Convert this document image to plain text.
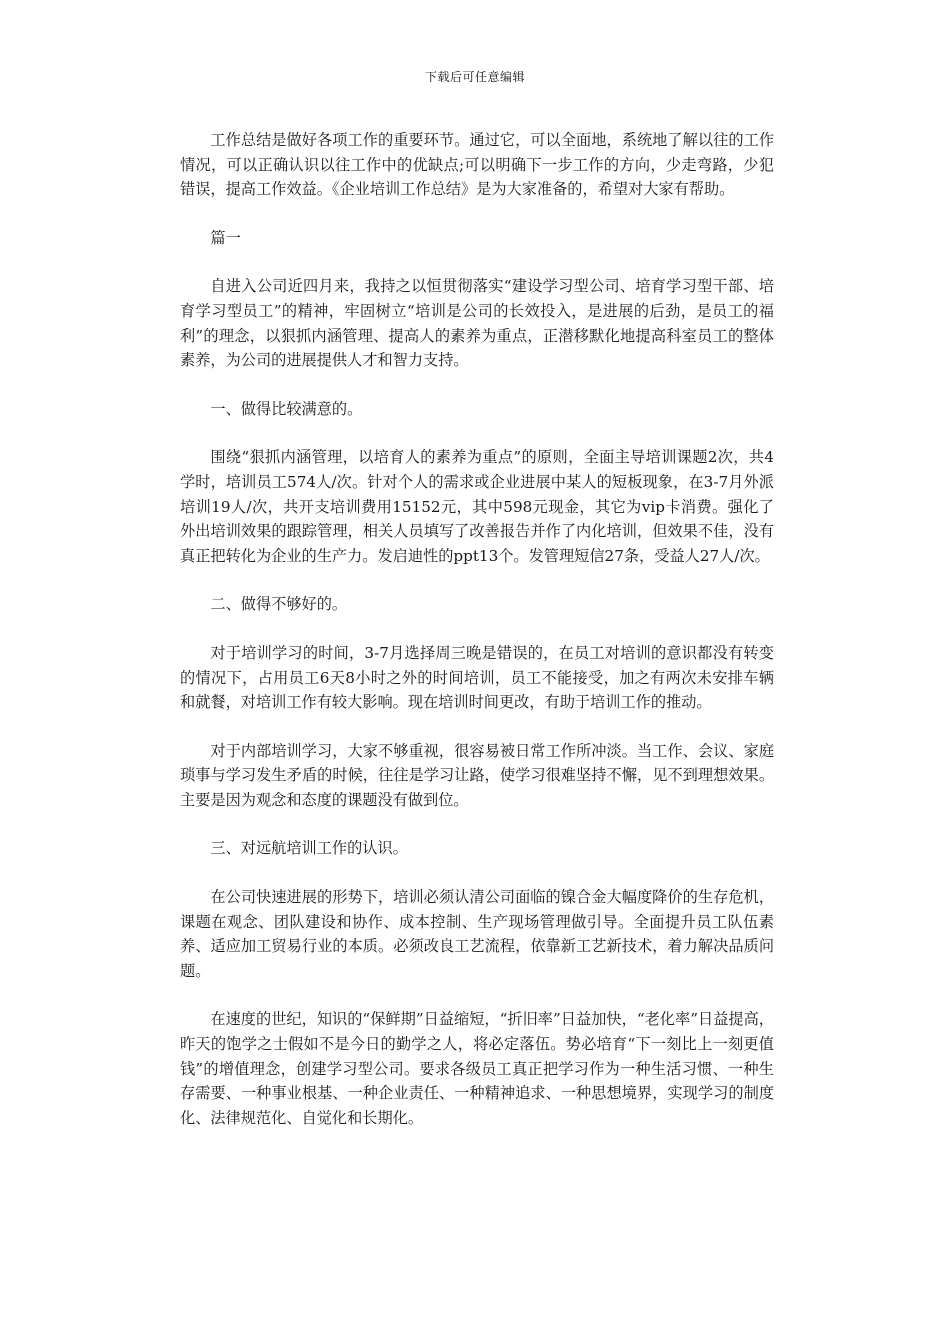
下载后可任意编辑

工作总结是做好各项工作的重要环节。通过它，可以全面地，系统地了解以往的工作情况，可以正确认识以往工作中的优缺点;可以明确下一步工作的方向，少走弯路，少犯错误，提高工作效益。《企业培训工作总结》是为大家准备的，希望对大家有帮助。

篇一

自进入公司近四月来，我持之以恒贯彻落实“建设学习型公司、培育学习型干部、培育学习型员工”的精神，牢固树立“培训是公司的长效投入，是进展的后劲，是员工的福利”的理念，以狠抓内涵管理、提高人的素养为重点，正潜移默化地提高科室员工的整体素养，为公司的进展提供人才和智力支持。

一、做得比较满意的。

围绕“狠抓内涵管理，以培育人的素养为重点”的原则，全面主导培训课题2次，共4学时，培训员工574人/次。针对个人的需求或企业进展中某人的短板现象，在3-7月外派培训19人/次，共开支培训费用15152元，其中598元现金，其它为vip卡消费。强化了外出培训效果的跟踪管理，相关人员填写了改善报告并作了内化培训，但效果不佳，没有真正把转化为企业的生产力。发启迪性的ppt13个。发管理短信27条，受益人27人/次。

二、做得不够好的。

对于培训学习的时间，3-7月选择周三晚是错误的，在员工对培训的意识都没有转变的情况下，占用员工6天8小时之外的时间培训，员工不能接受，加之有两次未安排车辆和就餐，对培训工作有较大影响。现在培训时间更改，有助于培训工作的推动。

对于内部培训学习，大家不够重视，很容易被日常工作所冲淡。当工作、会议、家庭琐事与学习发生矛盾的时候，往往是学习让路，使学习很难坚持不懈，见不到理想效果。主要是因为观念和态度的课题没有做到位。

三、对远航培训工作的认识。

在公司快速进展的形势下，培训必须认清公司面临的镍合金大幅度降价的生存危机，课题在观念、团队建设和协作、成本控制、生产现场管理做引导。全面提升员工队伍素养、适应加工贸易行业的本质。必须改良工艺流程，依靠新工艺新技术，着力解决品质问题。

在速度的世纪，知识的“保鲜期”日益缩短，“折旧率”日益加快，“老化率”日益提高，昨天的饱学之士假如不是今日的勤学之人，将必定落伍。势必培育“下一刻比上一刻更值钱”的增值理念，创建学习型公司。要求各级员工真正把学习作为一种生活习惯、一种生存需要、一种事业根基、一种企业责任、一种精神追求、一种思想境界，实现学习的制度化、法律规范化、自觉化和长期化。
